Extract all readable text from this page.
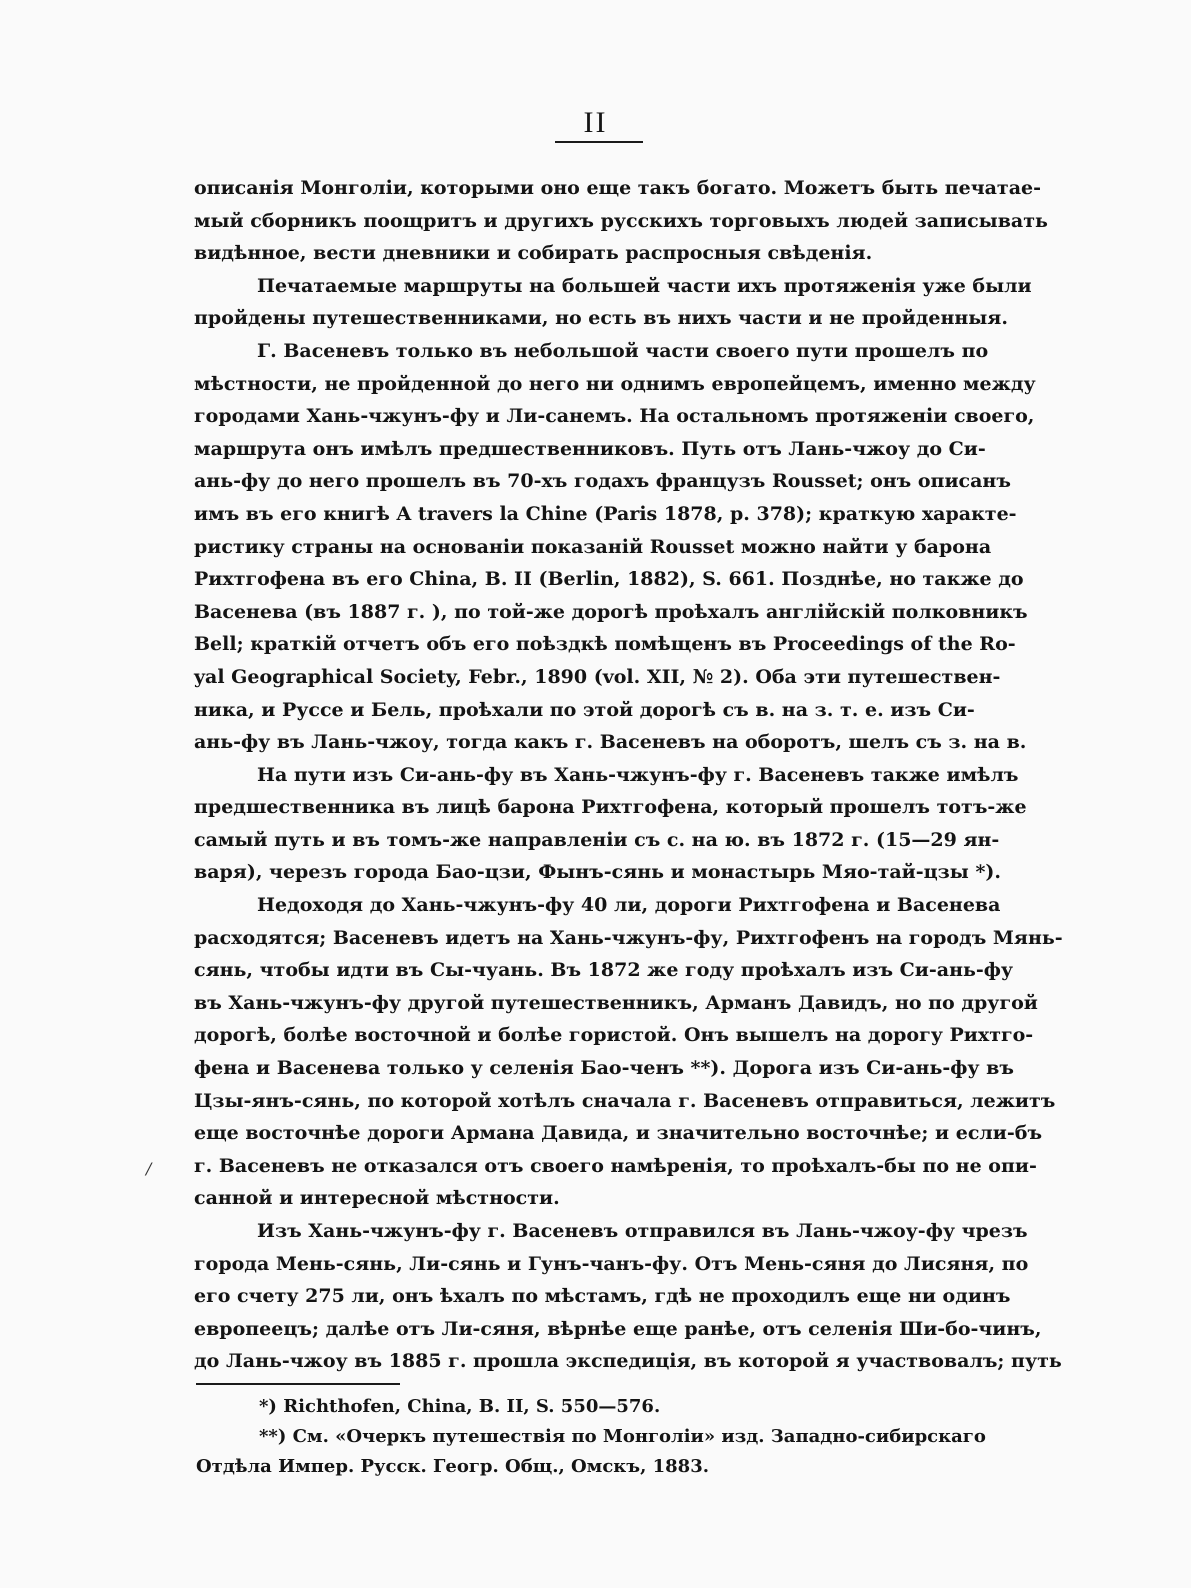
II
описанія Монголіи, которыми оно еще такъ богато. Можетъ быть печатае-
мый сборникъ поощритъ и другихъ русскихъ торговыхъ людей записывать
видѣнное, вести дневники и собирать распросныя свѣденія.
Печатаемые маршруты на большей части ихъ протяженія уже были
пройдены путешественниками, но есть въ нихъ части и не пройденныя.
Г. Васеневъ только въ небольшой части своего пути прошелъ по
мѣстности, не пройденной до него ни однимъ европейцемъ, именно между
городами Хань-чжунъ-фу и Ли-санемъ. На остальномъ протяженіи своего,
маршрута онъ имѣлъ предшественниковъ. Путь отъ Лань-чжоу до Си-
ань-фу до него прошелъ въ 70-хъ годахъ французъ Rousset; онъ описанъ
имъ въ его книгѣ A travers la Chine (Paris 1878, p. 378); краткую характе-
ристику страны на основаніи показаній Rousset можно найти у барона
Рихтгофена въ его China, B. II (Berlin, 1882), S. 661. Позднѣе, но также до
Васенева (въ 1887 г. ), по той-же дорогѣ проѣхалъ англійскій полковникъ
Bell; краткій отчетъ объ его поѣздкѣ помѣщенъ въ Proceedings of the Ro-
yal Geographical Society, Febr., 1890 (vol. XII, № 2). Оба эти путешествен-
ника, и Руссе и Бель, проѣхали по этой дорогѣ съ в. на з. т. е. изъ Си-
ань-фу въ Лань-чжоу, тогда какъ г. Васеневъ на оборотъ, шелъ съ з. на в.
На пути изъ Си-ань-фу въ Хань-чжунъ-фу г. Васеневъ также имѣлъ
предшественника въ лицѣ барона Рихтгофена, который прошелъ тотъ-же
самый путь и въ томъ-же направленіи съ с. на ю. въ 1872 г. (15—29 ян-
варя), черезъ города Бао-цзи, Фынъ-сянь и монастырь Мяо-тай-цзы *).
Недоходя до Хань-чжунъ-фу 40 ли, дороги Рихтгофена и Васенева
расходятся; Васеневъ идетъ на Хань-чжунъ-фу, Рихтгофенъ на городъ Мянь-
сянь, чтобы идти въ Сы-чуань. Въ 1872 же году проѣхалъ изъ Си-ань-фу
въ Хань-чжунъ-фу другой путешественникъ, Арманъ Давидъ, но по другой
дорогѣ, болѣе восточной и болѣе гористой. Онъ вышелъ на дорогу Рихтго-
фена и Васенева только у селенія Бао-ченъ **). Дорога изъ Си-ань-фу въ
Цзы-янъ-сянь, по которой хотѣлъ сначала г. Васеневъ отправиться, лежитъ
еще восточнѣе дороги Армана Давида, и значительно восточнѣе; и если-бъ
г. Васеневъ не отказался отъ своего намѣренія, то проѣхалъ-бы по не опи-
санной и интересной мѣстности.
Изъ Хань-чжунъ-фу г. Васеневъ отправился въ Лань-чжоу-фу чрезъ
города Мень-сянь, Ли-сянь и Гунъ-чанъ-фу. Отъ Мень-сяня до Лисяня, по
его счету 275 ли, онъ ѣхалъ по мѣстамъ, гдѣ не проходилъ еще ни одинъ
европеецъ; далѣе отъ Ли-сяня, вѣрнѣе еще ранѣе, отъ селенія Ши-бо-чинъ,
до Лань-чжоу въ 1885 г. прошла экспедиція, въ которой я участвовалъ; путь
/
*) Richthofen, China, B. II, S. 550—576.
**) См. «Очеркъ путешествія по Монголіи» изд. Западно-сибирскаго
Отдѣла Импер. Русск. Геогр. Общ., Омскъ, 1883.
